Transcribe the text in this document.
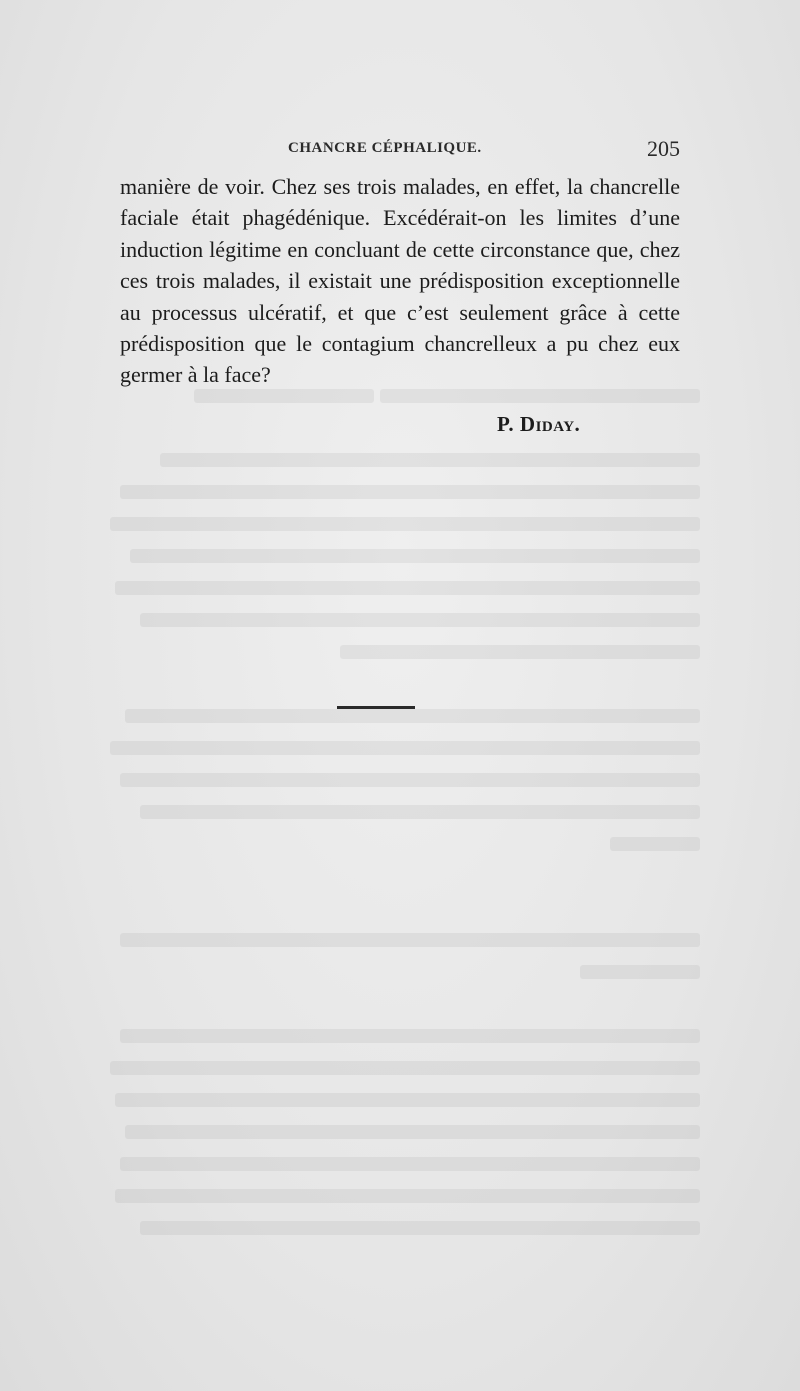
CHANCRE CÉPHALIQUE.	205

manière de voir. Chez ses trois malades, en effet, la chancrelle faciale était phagédénique. Excédérait-on les limites d’une induction légitime en concluant de cette circonstance que, chez ces trois malades, il existait une prédisposition exceptionnelle au processus ulcératif, et que c’est seulement grâce à cette prédisposition que le contagium chancrelleux a pu chez eux germer à la face?

P. Diday.
